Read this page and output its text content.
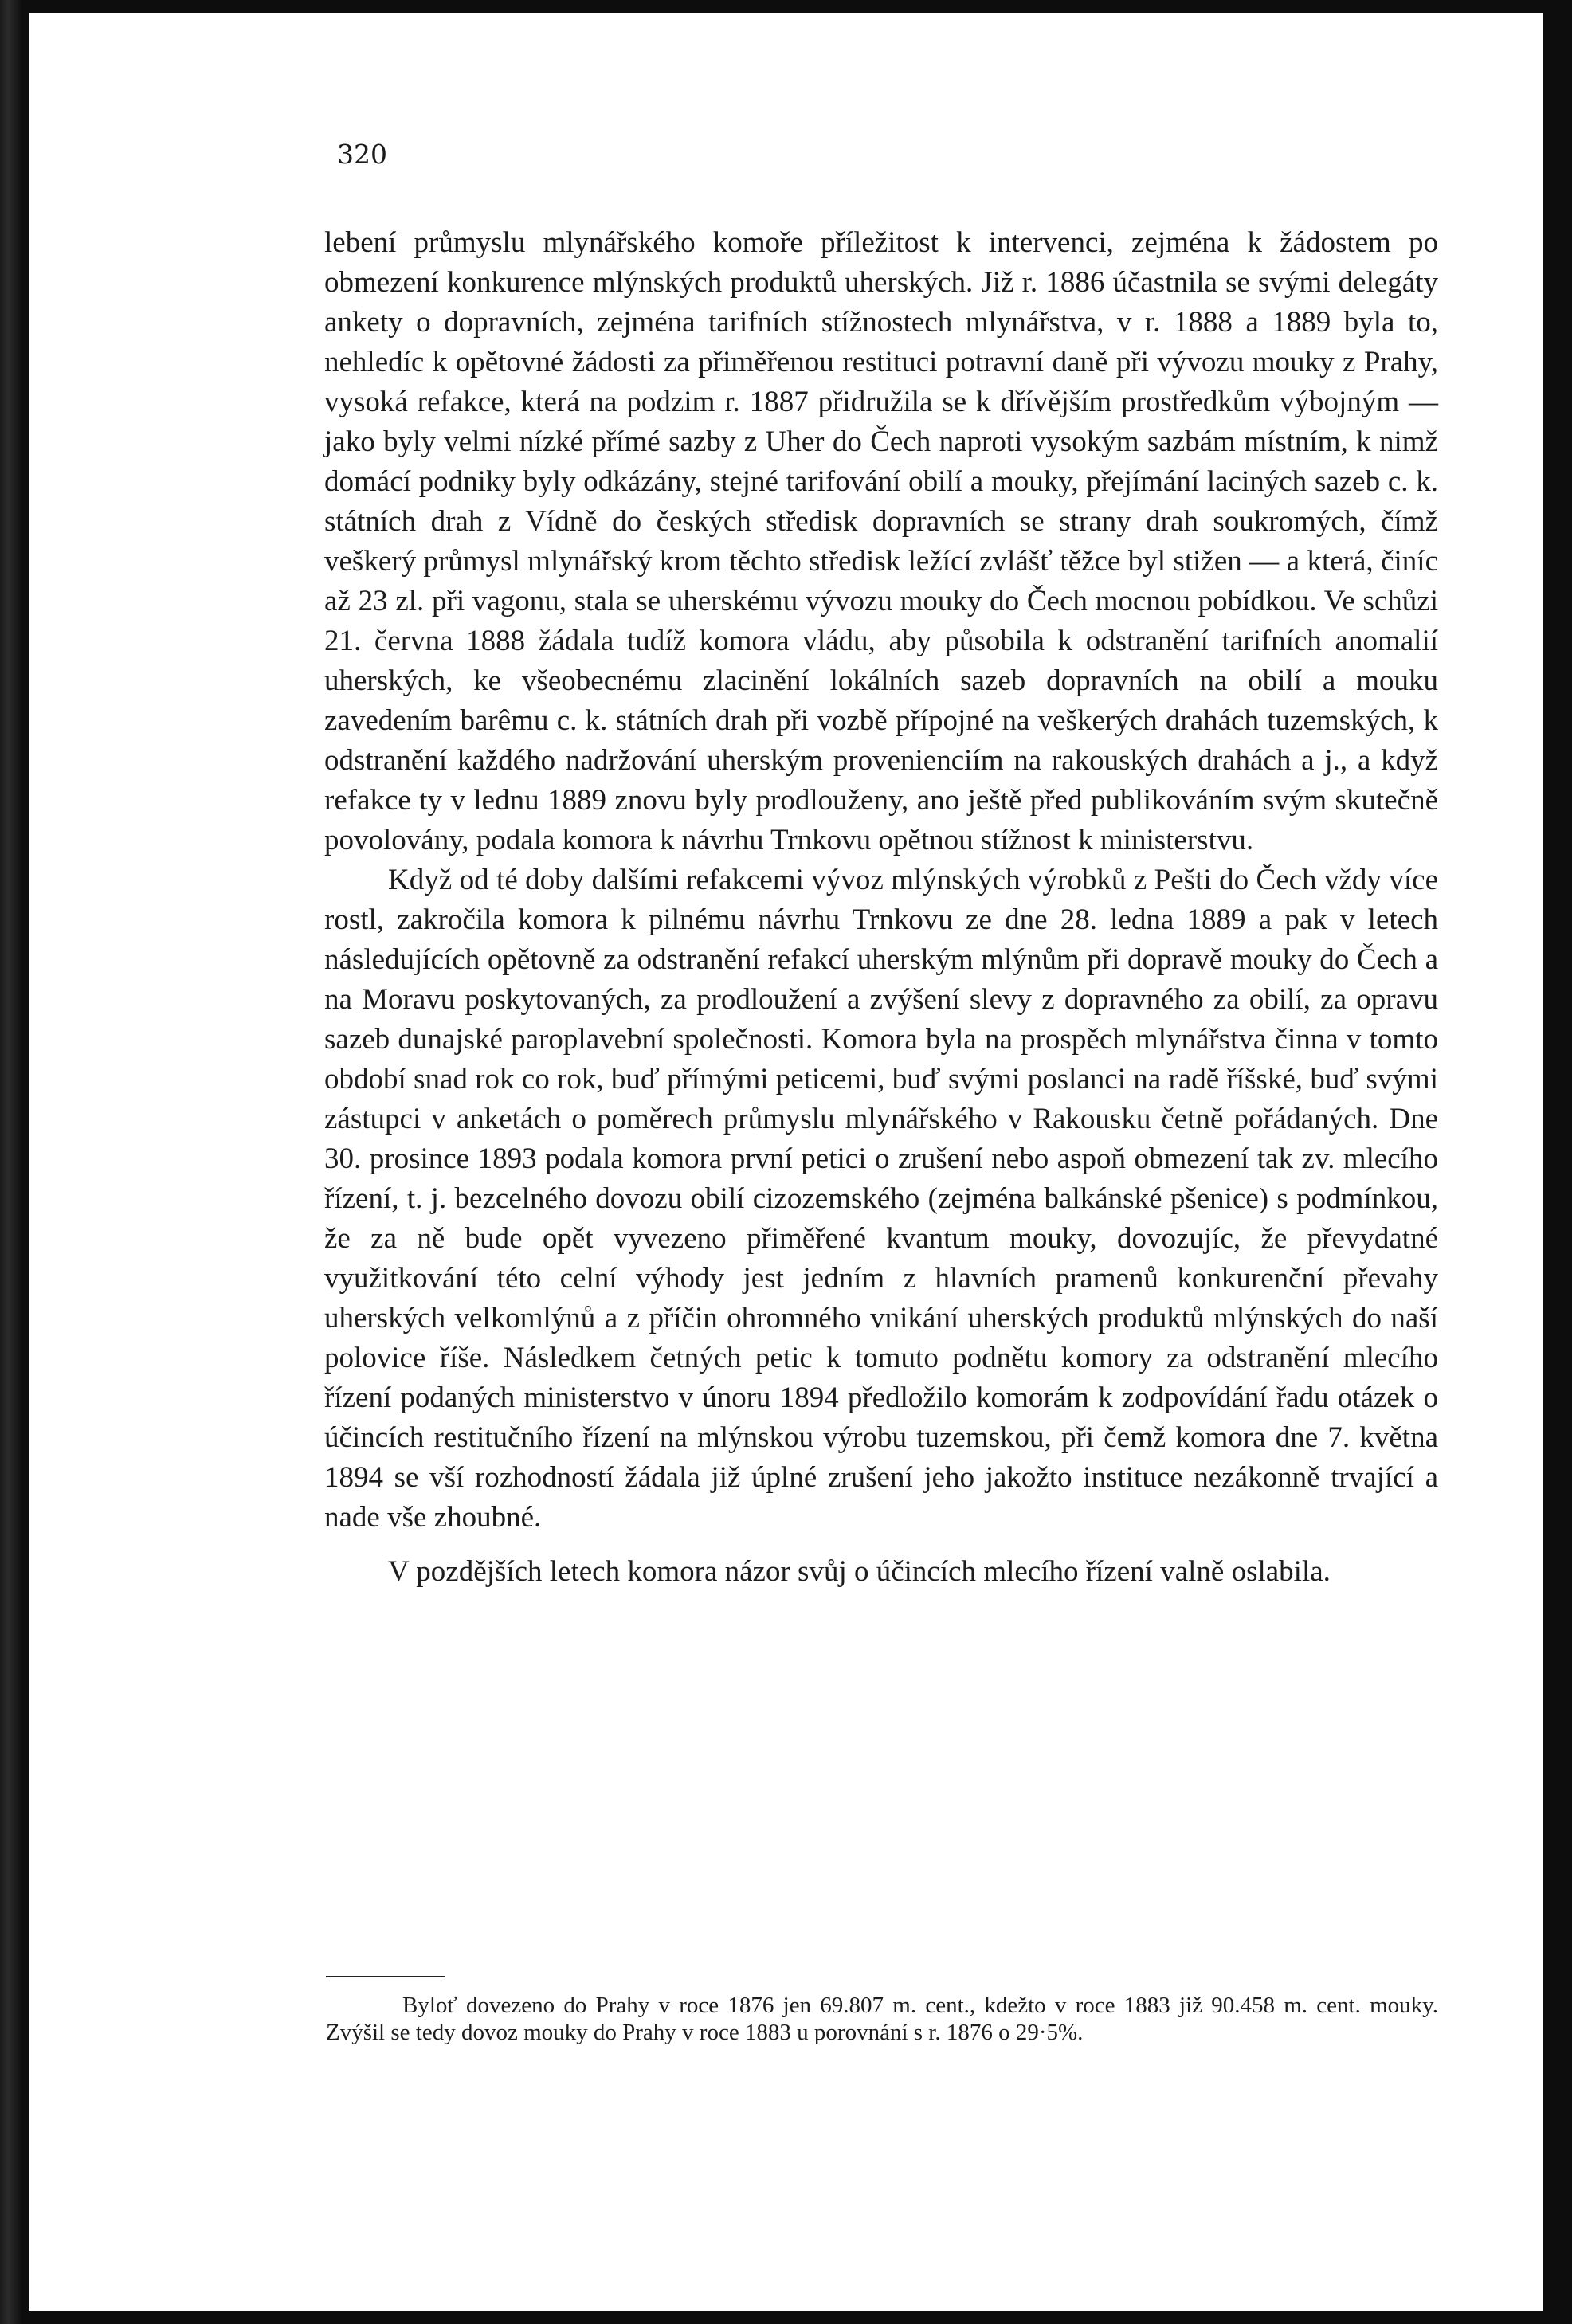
320

lebení průmyslu mlynářského komoře příležitost k intervenci, zejména k žádostem po obmezení konkurence mlýnských produktů uherských. Již r. 1886 účastnila se svými delegáty ankety o dopravních, zejména tarifních stížnostech mlynářstva, v r. 1888 a 1889 byla to, nehledíc k opětovné žádosti za přiměřenou restituci potravní daně při vývozu mouky z Prahy, vysoká refakce, která na podzim r. 1887 přidružila se k dřívějším prostředkům výbojným — jako byly velmi nízké přímé sazby z Uher do Čech naproti vysokým sazbám místním, k nimž domácí podniky byly odkázány, stejné tarifování obilí a mouky, přejímání laciných sazeb c. k. státních drah z Vídně do českých středisk dopravních se strany drah soukromých, čímž veškerý průmysl mlynářský krom těchto středisk ležící zvlášť těžce byl stižen — a která, činíc až 23 zl. při vagonu, stala se uherskému vývozu mouky do Čech mocnou pobídkou. Ve schůzi 21. června 1888 žádala tudíž komora vládu, aby působila k odstranění tarifních anomalií uherských, ke všeobecnému zlacinění lokálních sazeb dopravních na obilí a mouku zavedením barêmu c. k. státních drah při vozbě přípojné na veškerých drahách tuzemských, k odstranění každého nadržování uherským provenienciím na rakouských drahách a j., a když refakce ty v lednu 1889 znovu byly prodlouženy, ano ještě před publikováním svým skutečně povolovány, podala komora k návrhu Trnkovu opětnou stížnost k ministerstvu.

Když od té doby dalšími refakcemi vývoz mlýnských výrobků z Pešti do Čech vždy více rostl, zakročila komora k pilnému návrhu Trnkovu ze dne 28. ledna 1889 a pak v letech následujících opětovně za odstranění refakcí uherským mlýnům při dopravě mouky do Čech a na Moravu poskytovaných, za prodloužení a zvýšení slevy z dopravného za obilí, za opravu sazeb dunajské paroplavební společnosti. Komora byla na prospěch mlynářstva činna v tomto období snad rok co rok, buď přímými peticemi, buď svými poslanci na radě říšské, buď svými zástupci v anketách o poměrech průmyslu mlynářského v Rakousku četně pořádaných. Dne 30. prosince 1893 podala komora první petici o zrušení nebo aspoň obmezení tak zv. mlecího řízení, t. j. bezcelného dovozu obilí cizozemského (zejména balkánské pšenice) s podmínkou, že za ně bude opět vyvezeno přiměřené kvantum mouky, dovozujíc, že převydatné využitkování této celní výhody jest jedním z hlavních pramenů konkurenční převahy uherských velkomlýnů a z příčin ohromného vnikání uherských produktů mlýnských do naší polovice říše. Následkem četných petic k tomuto podnětu komory za odstranění mlecího řízení podaných ministerstvo v únoru 1894 předložilo komorám k zodpovídání řadu otázek o účincích restitučního řízení na mlýnskou výrobu tuzemskou, při čemž komora dne 7. května 1894 se vší rozhodností žádala již úplné zrušení jeho jakožto instituce nezákonně trvající a nade vše zhoubné.

V pozdějších letech komora názor svůj o účincích mlecího řízení valně oslabila.

Byloť dovezeno do Prahy v roce 1876 jen 69.807 m. cent., kdežto v roce 1883 již 90.458 m. cent. mouky. Zvýšil se tedy dovoz mouky do Prahy v roce 1883 u porovnání s r. 1876 o 29·5%.
